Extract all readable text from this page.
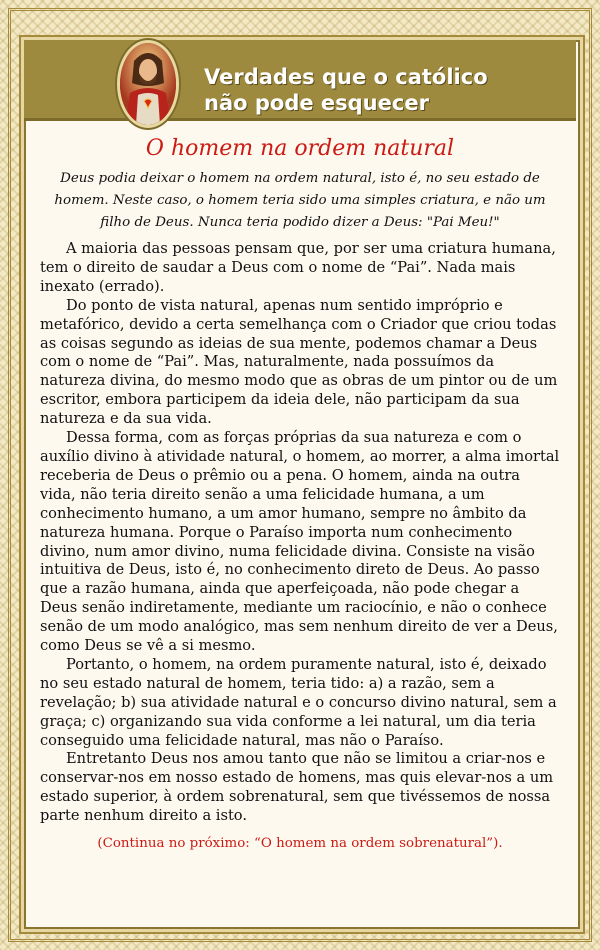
Verdades que o católico
não pode esquecer

O homem na ordem natural

Deus podia deixar o homem na ordem natural, isto é, no seu estado de homem. Neste caso, o homem teria sido uma simples criatura, e não um filho de Deus. Nunca teria podido dizer a Deus: "Pai Meu!"

A maioria das pessoas pensam que, por ser uma criatura humana, tem o direito de saudar a Deus com o nome de “Pai”. Nada mais inexato (errado).

Do ponto de vista natural, apenas num sentido impróprio e metafórico, devido a certa semelhança com o Criador que criou todas as coisas segundo as ideias de sua mente, podemos chamar a Deus com o nome de “Pai”. Mas, naturalmente, nada possuímos da natureza divina, do mesmo modo que as obras de um pintor ou de um escritor, embora participem da ideia dele, não participam da sua natureza e da sua vida.

Dessa forma, com as forças próprias da sua natureza e com o auxílio divino à atividade natural, o homem, ao morrer, a alma imortal receberia de Deus o prêmio ou a pena. O homem, ainda na outra vida, não teria direito senão a uma felicidade humana, a um conhecimento humano, a um amor humano, sempre no âmbito da natureza humana. Porque o Paraíso importa num conhecimento divino, num amor divino, numa felicidade divina. Consiste na visão intuitiva de Deus, isto é, no conhecimento direto de Deus. Ao passo que a razão humana, ainda que aperfeiçoada, não pode chegar a Deus senão indiretamente, mediante um raciocínio, e não o conhece senão de um modo analógico, mas sem nenhum direito de ver a Deus, como Deus se vê a si mesmo.

Portanto, o homem, na ordem puramente natural, isto é, deixado no seu estado natural de homem, teria tido: a) a razão, sem a revelação; b) sua atividade natural e o concurso divino natural, sem a graça; c) organizando sua vida conforme a lei natural, um dia teria conseguido uma felicidade natural, mas não o Paraíso.

Entretanto Deus nos amou tanto que não se limitou a criar-nos e conservar-nos em nosso estado de homens, mas quis elevar-nos a um estado superior, à ordem sobrenatural, sem que tivéssemos de nossa parte nenhum direito a isto.

(Continua no próximo: “O homem na ordem sobrenatural”).
